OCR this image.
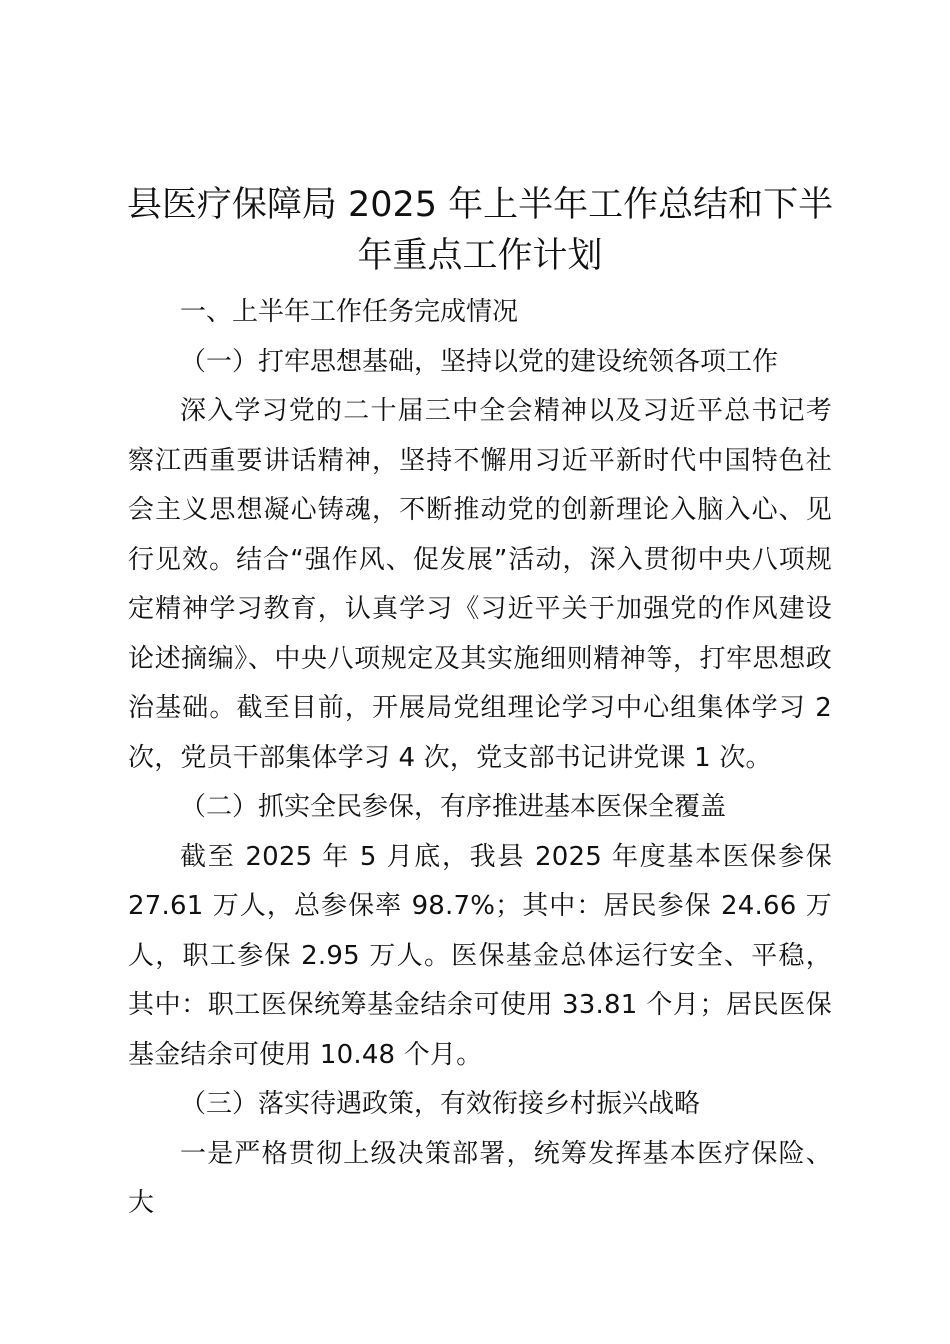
县医疗保障局 2025 年上半年工作总结和下半
年重点工作计划

一、上半年工作任务完成情况

（一）打牢思想基础，坚持以党的建设统领各项工作

深入学习党的二十届三中全会精神以及习近平总书记考察江西重要讲话精神，坚持不懈用习近平新时代中国特色社会主义思想凝心铸魂，不断推动党的创新理论入脑入心、见行见效。结合“强作风、促发展”活动，深入贯彻中央八项规定精神学习教育，认真学习《习近平关于加强党的作风建设论述摘编》、中央八项规定及其实施细则精神等，打牢思想政治基础。截至目前，开展局党组理论学习中心组集体学习 2 次，党员干部集体学习 4 次，党支部书记讲党课 1 次。

（二）抓实全民参保，有序推进基本医保全覆盖

截至 2025 年 5 月底，我县 2025 年度基本医保参保 27.61 万人，总参保率 98.7%；其中：居民参保 24.66 万人，职工参保 2.95 万人。医保基金总体运行安全、平稳，其中：职工医保统筹基金结余可使用 33.81 个月；居民医保基金结余可使用 10.48 个月。

（三）落实待遇政策，有效衔接乡村振兴战略

一是严格贯彻上级决策部署，统筹发挥基本医疗保险、大
